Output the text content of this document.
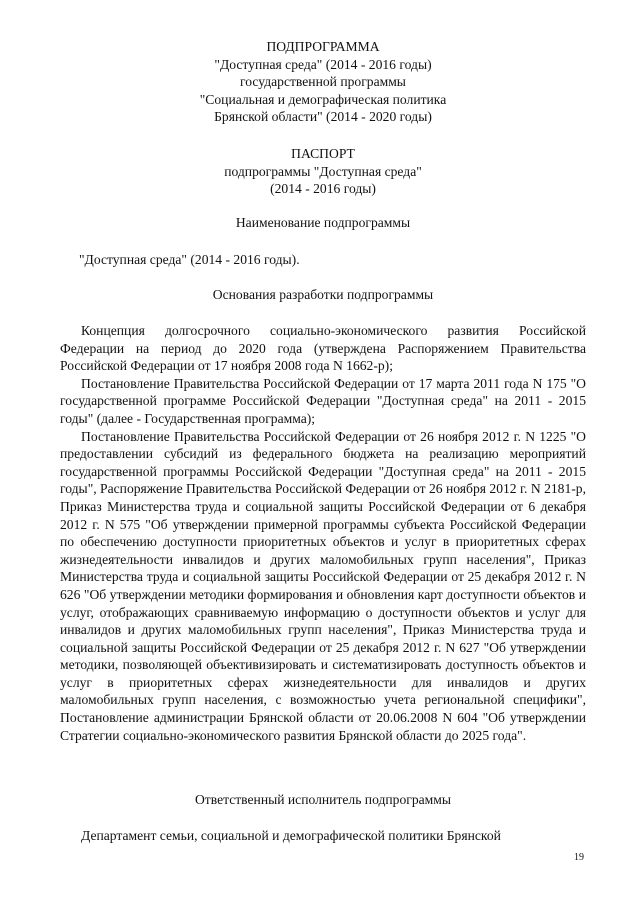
ПОДПРОГРАММА
"Доступная среда" (2014 - 2016 годы)
государственной программы
"Социальная и демографическая политика
Брянской области" (2014 - 2020 годы)
ПАСПОРТ
подпрограммы "Доступная среда"
(2014 - 2016 годы)
Наименование подпрограммы

"Доступная среда" (2014 - 2016 годы).

Основания разработки подпрограммы

Концепция долгосрочного социально-экономического развития Российской Федерации на период до 2020 года (утверждена Распоряжением Правительства Российской Федерации от 17 ноября 2008 года N 1662-р);

Постановление Правительства Российской Федерации от 17 марта 2011 года N 175 "О государственной программе Российской Федерации "Доступная среда" на 2011 - 2015 годы" (далее - Государственная программа);

Постановление Правительства Российской Федерации от 26 ноября 2012 г. N 1225 "О предоставлении субсидий из федерального бюджета на реализацию мероприятий государственной программы Российской Федерации "Доступная среда" на 2011 - 2015 годы", Распоряжение Правительства Российской Федерации от 26 ноября 2012 г. N 2181-р, Приказ Министерства труда и социальной защиты Российской Федерации от 6 декабря 2012 г. N 575 "Об утверждении примерной программы субъекта Российской Федерации по обеспечению доступности приоритетных объектов и услуг в приоритетных сферах жизнедеятельности инвалидов и других маломобильных групп населения", Приказ Министерства труда и социальной защиты Российской Федерации от 25 декабря 2012 г. N 626 "Об утверждении методики формирования и обновления карт доступности объектов и услуг, отображающих сравниваемую информацию о доступности объектов и услуг для инвалидов и других маломобильных групп населения", Приказ Министерства труда и социальной защиты Российской Федерации от 25 декабря 2012 г. N 627 "Об утверждении методики, позволяющей объективизировать и систематизировать доступность объектов и услуг в приоритетных сферах жизнедеятельности для инвалидов и других маломобильных групп населения, с возможностью учета региональной специфики", Постановление администрации Брянской области от 20.06.2008 N 604 "Об утверждении Стратегии социально-экономического развития Брянской области до 2025 года".

Ответственный исполнитель подпрограммы

Департамент семьи, социальной и демографической политики Брянской

19
